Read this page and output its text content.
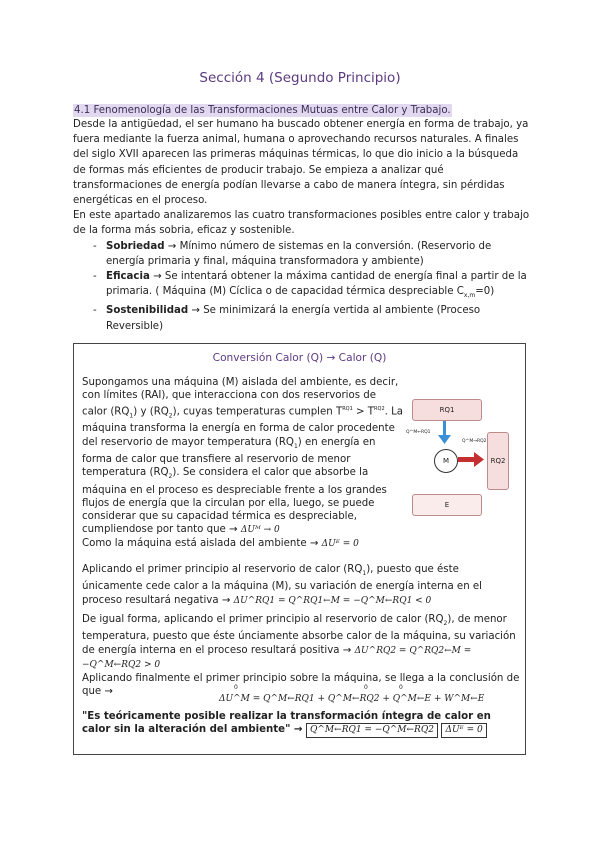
Sección 4 (Segundo Principio)
4.1 Fenomenología de las Transformaciones Mutuas entre Calor y Trabajo.

Desde la antigüedad, el ser humano ha buscado obtener energía en forma de trabajo, ya fuera mediante la fuerza animal, humana o aprovechando recursos naturales. A finales del siglo XVII aparecen las primeras máquinas térmicas, lo que dio inicio a la búsqueda de formas más eficientes de producir trabajo. Se empieza a analizar qué transformaciones de energía podían llevarse a cabo de manera íntegra, sin pérdidas energéticas en el proceso.

En este apartado analizaremos las cuatro transformaciones posibles entre calor y trabajo de la forma más sobria, eficaz y sostenible.

- Sobriedad → Mínimo número de sistemas en la conversión. (Reservorio de energía primaria y final, máquina transformadora y ambiente)
- Eficacia → Se intentará obtener la máxima cantidad de energía final a partir de la primaria. ( Máquina (M) Cíclica o de capacidad térmica despreciable $C_{x,m}=0$)
- Sostenibilidad → Se minimizará la energía vertida al ambiente (Proceso Reversible)
Conversión Calor (Q) → Calor (Q)
Supongamos una máquina (M) aislada del ambiente, es decir, con límites (RAI), que interacciona con dos reservorios de calor $(RQ_1)$ y $(RQ_2)$, cuyas temperaturas cumplen $T^{RQ1} > T^{RQ2}$. La máquina transforma la energía en forma de calor procedente del reservorio de mayor temperatura $(RQ_1)$ en energía en forma de calor que transfiere al reservorio de menor temperatura $(RQ_2)$. Se considera el calor que absorbe la máquina en el proceso es despreciable frente a los grandes flujos de energía que la circulan por ella, luego, se puede considerar que su capacidad térmica es despreciable, cumpliendose por tanto que → ΔUᴹ → 0
RQ1
RQ2
M
E
Q^M←RQ1
Q^M→RQ2
Como la máquina está aislada del ambiente → ΔUᴱ = 0
Aplicando el primer principio al reservorio de calor $(RQ_1)$, puesto que éste únicamente cede calor a la máquina (M), su variación de energía interna en el proceso resultará negativa → ΔU^RQ1 = Q^RQ1←M = −Q^M←RQ1 < 0
De igual forma, aplicando el primer principio al reservorio de calor $(RQ_2)$, de menor temperatura, puesto que éste únciamente absorbe calor de la máquina, su variación de energía interna en el proceso resultará positiva → ΔU^RQ2 = Q^RQ2←M = −Q^M←RQ2 > 0
Aplicando finalmente el primer principio sobre la máquina, se llega a la conclusión de que →
ΔU^M = Q^M←RQ1 + Q^M←RQ2 + Q^M←E + W^M←E
0	0	0
"Es teóricamente posible realizar la transformación íntegra de calor en calor sin la alteración del ambiente" → Q^M←RQ1 = −Q^M←RQ2 ΔUᴱ = 0
